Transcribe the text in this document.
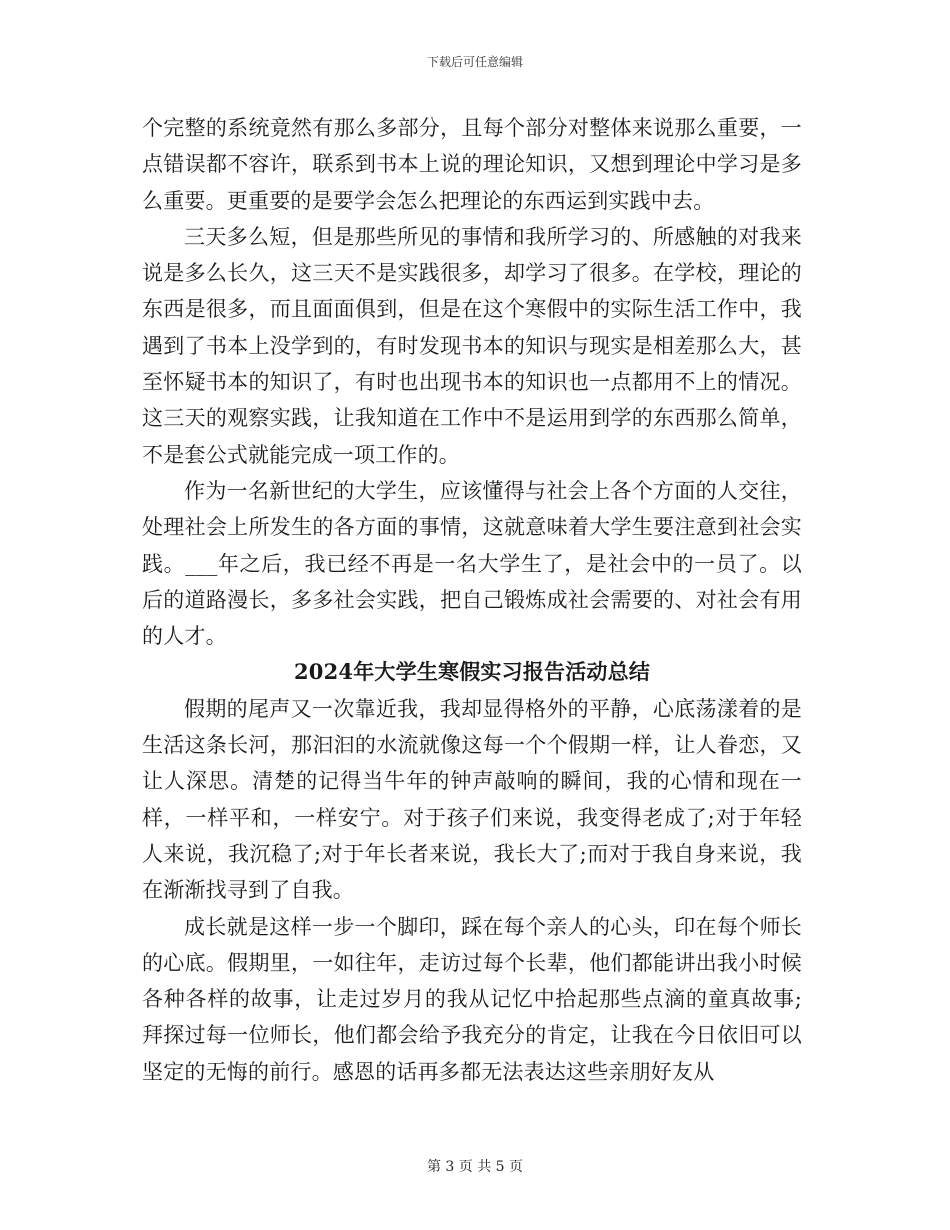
下载后可任意编辑

个完整的系统竟然有那么多部分，且每个部分对整体来说那么重要，一点错误都不容许，联系到书本上说的理论知识，又想到理论中学习是多么重要。更重要的是要学会怎么把理论的东西运到实践中去。

三天多么短，但是那些所见的事情和我所学习的、所感触的对我来说是多么长久，这三天不是实践很多，却学习了很多。在学校，理论的东西是很多，而且面面俱到，但是在这个寒假中的实际生活工作中，我遇到了书本上没学到的，有时发现书本的知识与现实是相差那么大，甚至怀疑书本的知识了，有时也出现书本的知识也一点都用不上的情况。这三天的观察实践，让我知道在工作中不是运用到学的东西那么简单，不是套公式就能完成一项工作的。

作为一名新世纪的大学生，应该懂得与社会上各个方面的人交往，处理社会上所发生的各方面的事情，这就意味着大学生要注意到社会实践。___年之后，我已经不再是一名大学生了，是社会中的一员了。以后的道路漫长，多多社会实践，把自己锻炼成社会需要的、对社会有用的人才。

2024年大学生寒假实习报告活动总结

假期的尾声又一次靠近我，我却显得格外的平静，心底荡漾着的是生活这条长河，那汩汩的水流就像这每一个个假期一样，让人眷恋，又让人深思。清楚的记得当牛年的钟声敲响的瞬间，我的心情和现在一样，一样平和，一样安宁。对于孩子们来说，我变得老成了;对于年轻人来说，我沉稳了;对于年长者来说，我长大了;而对于我自身来说，我在渐渐找寻到了自我。

成长就是这样一步一个脚印，踩在每个亲人的心头，印在每个师长的心底。假期里，一如往年，走访过每个长辈，他们都能讲出我小时候各种各样的故事，让走过岁月的我从记忆中拾起那些点滴的童真故事;拜探过每一位师长，他们都会给予我充分的肯定，让我在今日依旧可以坚定的无悔的前行。感恩的话再多都无法表达这些亲朋好友从

第 3 页 共 5 页
